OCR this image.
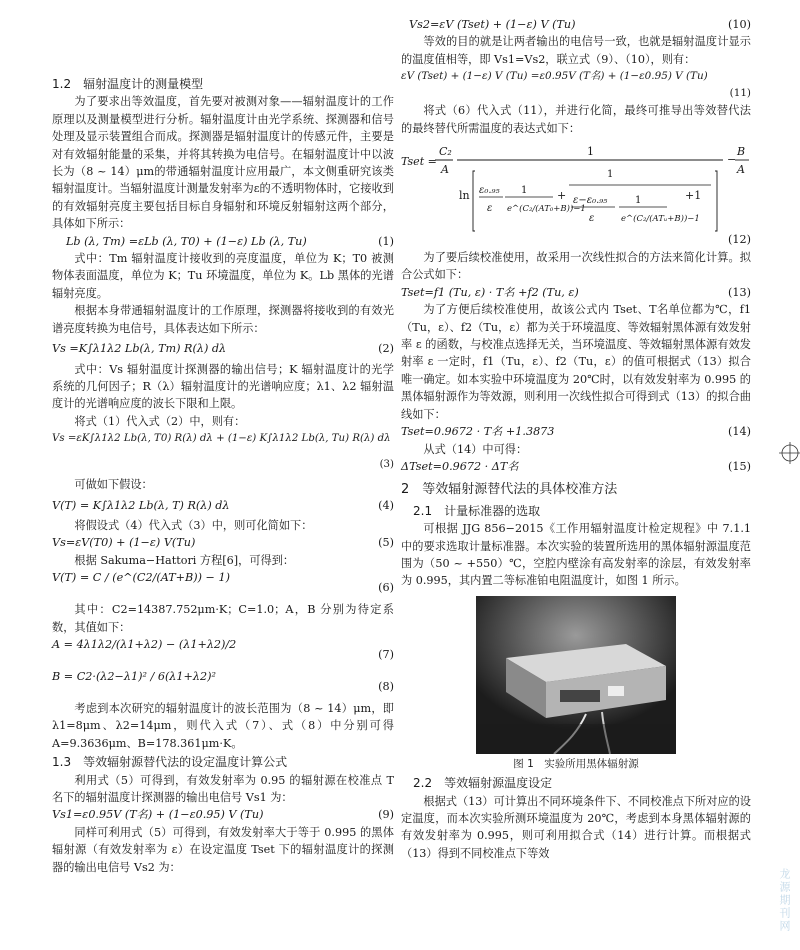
1.2　辐射温度计的测量模型

为了要求出等效温度，首先要对被测对象——辐射温度计的工作原理以及测量模型进行分析。辐射温度计由光学系统、探测器和信号处理及显示装置组合而成。探测器是辐射温度计的传感元件，主要是对有效辐射能量的采集，并将其转换为电信号。在辐射温度计中以波长为（8 ~ 14）μm的带通辐射温度计应用最广，本文侧重研究该类辐射温度计。当辐射温度计测量发射率为ε的不透明物体时，它接收到的有效辐射亮度主要包括目标自身辐射和环境反射辐射这两个部分，具体如下所示：

Lb (λ, Tm) =εLb (λ, T0) + (1−ε) Lb (λ, Tu)	(1)

式中：Tm 辐射温度计接收到的亮度温度，单位为 K；T0 被测物体表面温度，单位为 K；Tu 环境温度，单位为 K。Lb 黑体的光谱辐射亮度。

根据本身带通辐射温度计的工作原理，探测器将接收到的有效光谱亮度转换为电信号，具体表达如下所示：

Vs =K∫λ1λ2 Lb(λ, Tm) R(λ) dλ	(2)

式中：Vs 辐射温度计探测器的输出信号；K 辐射温度计的光学系统的几何因子；R（λ）辐射温度计的光谱响应度；λ1、λ2 辐射温度计的光谱响应度的波长下限和上限。

将式（1）代入式（2）中，则有：

Vs =εK∫λ1λ2 Lb(λ, T0) R(λ) dλ + (1−ε) K∫λ1λ2 Lb(λ, Tu) R(λ) dλ
(3)

可做如下假设：

V(T) = K∫λ1λ2 Lb(λ, T) R(λ) dλ	(4)

将假设式（4）代入式（3）中，则可化简如下：

Vs=εV(T0) + (1−ε) V(Tu)	(5)

根据 Sakuma−Hattori 方程[6]，可得到：

V(T) = C / (e^(C2/(AT+B)) − 1)
(6)

其中：C2=14387.752μm·K；C=1.0；A，B 分别为待定系数，其值如下：

A = 4λ1λ2/(λ1+λ2) − (λ1+λ2)/2
(7)
B = C2·(λ2−λ1)² / 6(λ1+λ2)²
(8)

考虑到本次研究的辐射温度计的波长范围为（8 ~ 14）μm，即 λ1=8μm、λ2=14μm，则代入式（7）、式（8）中分别可得 A=9.3636μm、B=178.361μm·K。

1.3　等效辐射源替代法的设定温度计算公式

利用式（5）可得到，有效发射率为 0.95 的辐射源在校准点 T 名下的辐射温度计探测器的输出电信号 Vs1 为：

Vs1=ε0.95V (T名) + (1−ε0.95) V (Tu)	(9)

同样可利用式（5）可得到，有效发射率大于等于 0.995 的黑体辐射源（有效发射率为 ε）在设定温度 Tset 下的辐射温度计的探测器的输出电信号 Vs2 为：

Vs2=εV (Tset) + (1−ε) V (Tu)	(10)

等效的目的就是让两者输出的电信号一致，也就是辐射温度计显示的温度值相等，即 Vs1=Vs2，联立式（9）、（10），则有：

εV (Tset) + (1−ε) V (Tu) =ε0.95V (T名) + (1−ε0.95) V (Tu)
(11)

将式（6）代入式（11），并进行化简，最终可推导出等效替代法的最终替代所需温度的表达式如下：

Tset =
C₂
A
1
ln ε₀.₉₅
ε
1
e^(C₂/(AT₀+B))−1
+
1
ε−ε₀.₉₅
ε
1
e^(C₂/(ATᵤ+B))−1
+1
−
B
A
(12)

为了要后续校准使用，故采用一次线性拟合的方法来简化计算。拟合公式如下：

Tset=f1 (Tu, ε) · T名 +f2 (Tu, ε)	(13)

为了方便后续校准使用，故该公式内 Tset、T名单位都为℃，f1（Tu，ε）、f2（Tu，ε）都为关于环境温度、等效辐射黑体源有效发射率 ε 的函数，与校准点选择无关，当环境温度、等效辐射黑体源有效发射率 ε 一定时，f1（Tu，ε）、f2（Tu，ε）的值可根据式（13）拟合唯一确定。如本实验中环境温度为 20℃时，以有效发射率为 0.995 的黑体辐射源作为等效源，则利用一次线性拟合可得到式（13）的拟合曲线如下：

Tset=0.9672 · T名 +1.3873	(14)

从式（14）中可得：

ΔTset=0.9672 · ΔT名	(15)

2　等效辐射源替代法的具体校准方法

2.1　计量标准器的选取

可根据 JJG 856−2015《工作用辐射温度计检定规程》中 7.1.1 中的要求选取计量标准器。本次实验的装置所选用的黑体辐射源温度范围为（50 ~ +550）℃，空腔内壁涂有高发射率的涂层，有效发射率为 0.995，其内置二等标准铂电阻温度计，如图 1 所示。

图 1　实验所用黑体辐射源

2.2　等效辐射源温度设定

根据式（13）可计算出不同环境条件下、不同校准点下所对应的设定温度，而本次实验所测环境温度为 20℃，考虑到本身黑体辐射源的有效发射率为 0.995，则可利用拟合式（14）进行计算。而根据式（13）得到不同校准点下等效

龙源期刊网
